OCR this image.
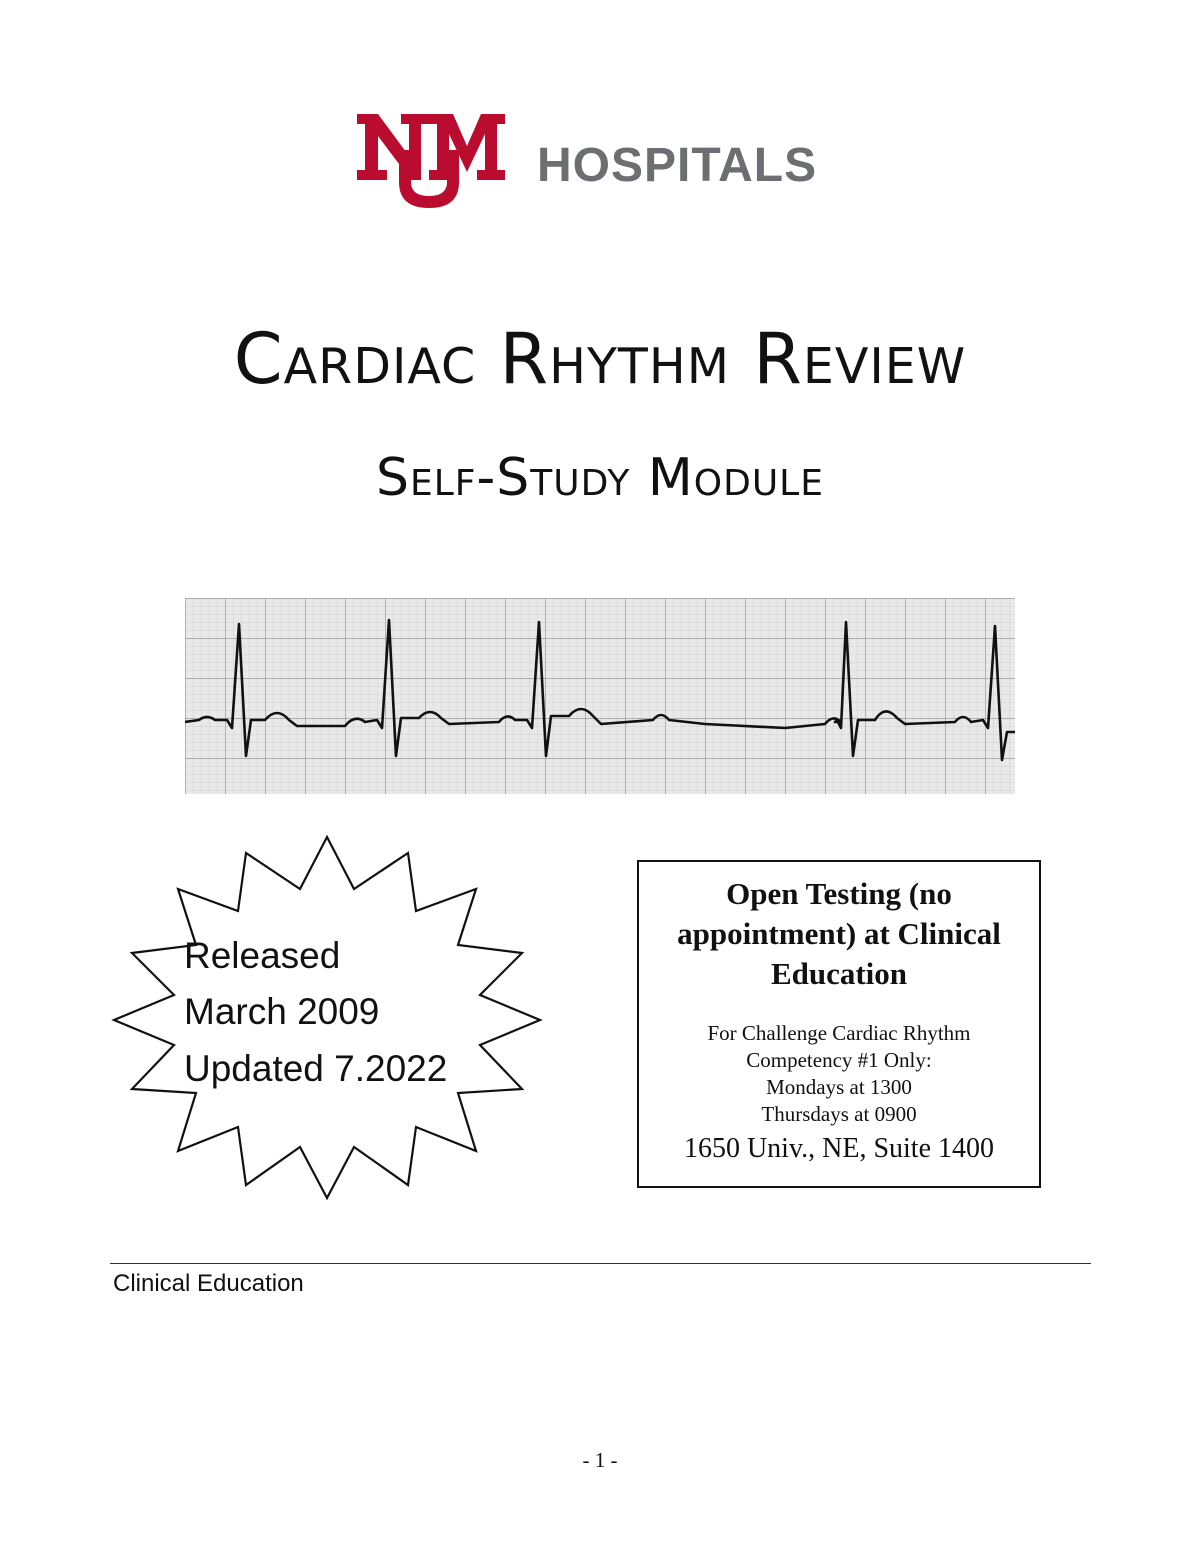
HOSPITALS
Cardiac Rhythm Review
Self-Study Module

Released

March 2009

Updated 7.2022

Open Testing (no appointment) at Clinical Education
For Challenge Cardiac Rhythm
Competency #1 Only:
Mondays at 1300
Thursdays at 0900
1650 Univ., NE, Suite 1400

Clinical Education

- 1 -
